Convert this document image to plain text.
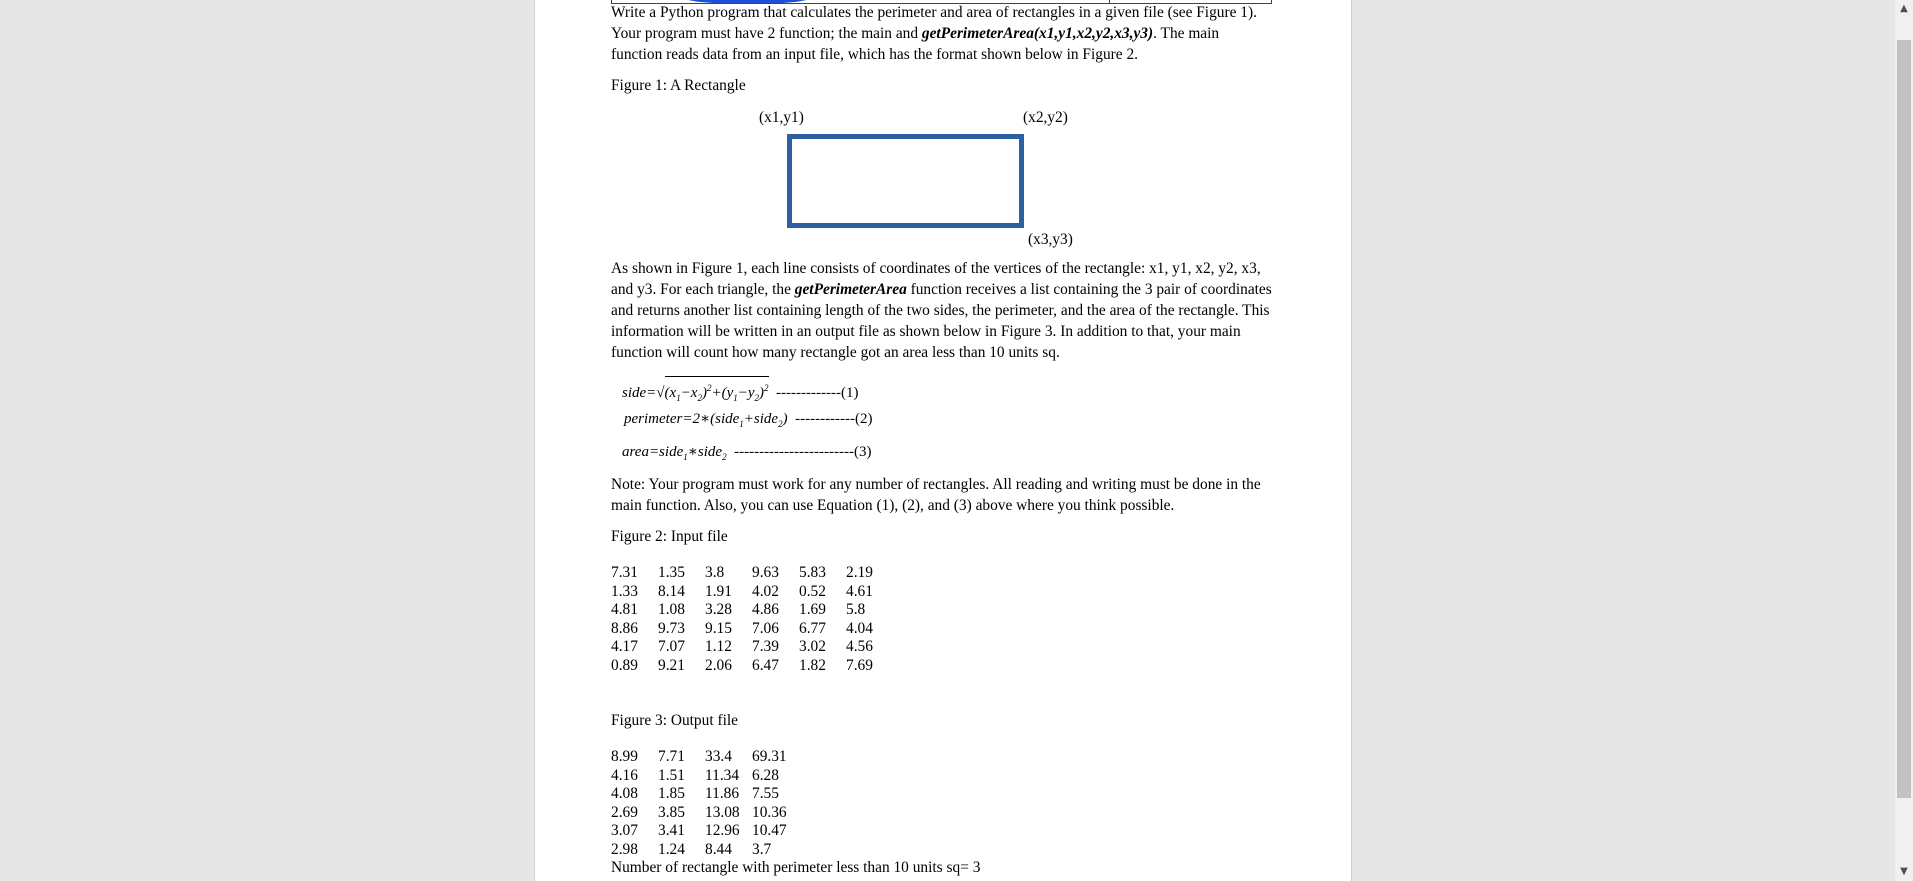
Write a Python program that calculates the perimeter and area of rectangles in a given file (see Figure 1). Your program must have 2 function; the main and getPerimeterArea(x1,y1,x2,y2,x3,y3). The main function reads data from an input file, which has the format shown below in Figure 2.

Figure 1: A Rectangle

(x1,y1)	(x2,y2)
(x3,y3)

As shown in Figure 1, each line consists of coordinates of the vertices of the rectangle: x1, y1, x2, y2, x3, and y3. For each triangle, the getPerimeterArea function receives a list containing the 3 pair of coordinates and returns another list containing length of the two sides, the perimeter, and the area of the rectangle. This information will be written in an output file as shown below in Figure 3. In addition to that, your main function will count how many rectangle got an area less than 10 units sq.

$side=√(x_1-x_2)^2+(y_1-y_2)^2$ -------------(1)
perimeter=2∗(side$_1$+side$_2$)  ------------(2)
area=side$_1$∗side$_2$ ------------------------(3)

Note: Your program must work for any number of rectangles. All reading and writing must be done in the main function. Also, you can use Equation (1), (2), and (3) above where you think possible.

Figure 2: Input file

7.31	1.35	3.8	9.63	5.83	2.19
1.33	8.14	1.91	4.02	0.52	4.61
4.81	1.08	3.28	4.86	1.69	5.8
8.86	9.73	9.15	7.06	6.77	4.04
4.17	7.07	1.12	7.39	3.02	4.56
0.89	9.21	2.06	6.47	1.82	7.69

Figure 3: Output file

8.99	7.71	33.4	69.31
4.16	1.51	11.34	6.28
4.08	1.85	11.86	7.55
2.69	3.85	13.08	10.36
3.07	3.41	12.96	10.47
2.98	1.24	8.44	3.7

Number of rectangle with perimeter less than 10 units sq= 3

▲
▼
